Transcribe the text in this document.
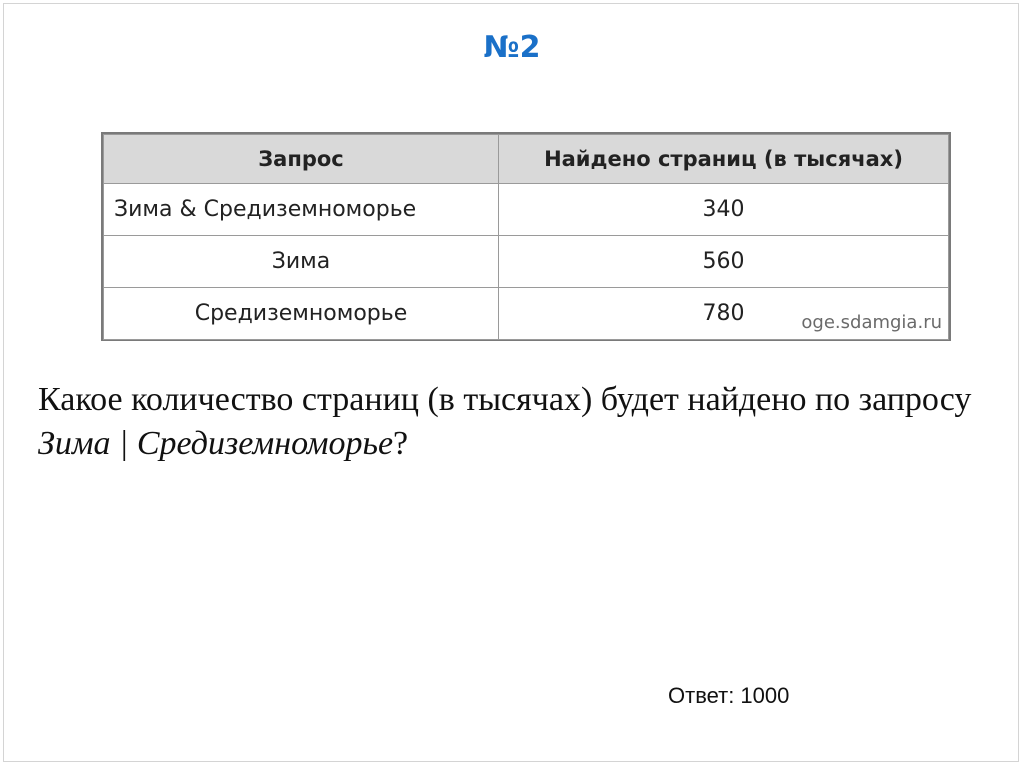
№2
Запрос	Найдено страниц (в тысячах)
Зима & Средиземноморье	340
Зима	560
Средиземноморье	780 oge.sdamgia.ru
Какое количество страниц (в тысячах) будет найдено по запросу Зима | Средиземноморье?
Ответ: 1000
